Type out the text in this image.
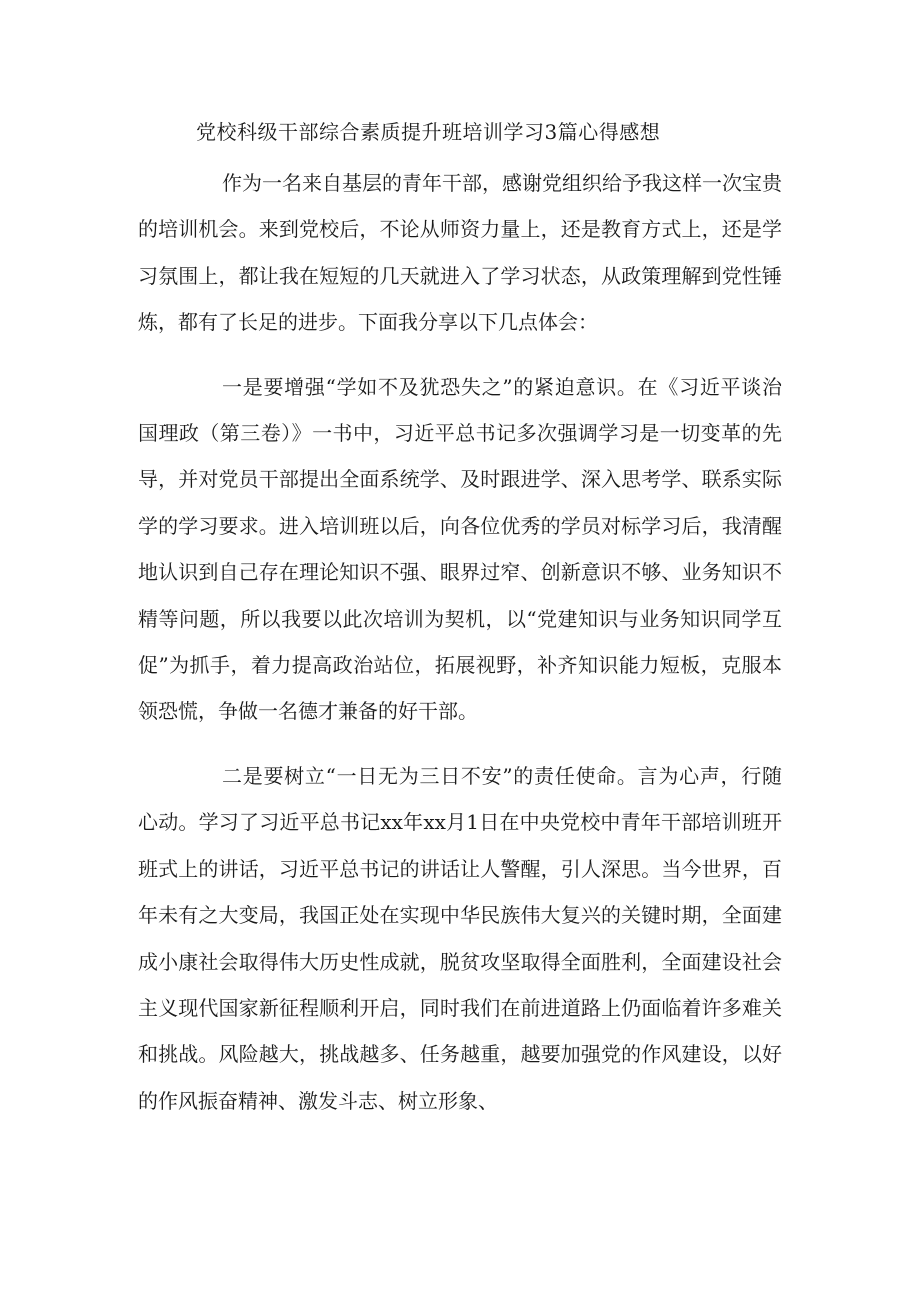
党校科级干部综合素质提升班培训学习3篇心得感想

作为一名来自基层的青年干部，感谢党组织给予我这样一次宝贵的培训机会。来到党校后，不论从师资力量上，还是教育方式上，还是学习氛围上，都让我在短短的几天就进入了学习状态，从政策理解到党性锤炼，都有了长足的进步。下面我分享以下几点体会：

一是要增强“学如不及犹恐失之”的紧迫意识。在《习近平谈治国理政（第三卷）》一书中，习近平总书记多次强调学习是一切变革的先导，并对党员干部提出全面系统学、及时跟进学、深入思考学、联系实际学的学习要求。进入培训班以后，向各位优秀的学员对标学习后，我清醒地认识到自己存在理论知识不强、眼界过窄、创新意识不够、业务知识不精等问题，所以我要以此次培训为契机，以“党建知识与业务知识同学互促”为抓手，着力提高政治站位，拓展视野，补齐知识能力短板，克服本领恐慌，争做一名德才兼备的好干部。

二是要树立“一日无为三日不安”的责任使命。言为心声，行随心动。学习了习近平总书记xx年xx月1日在中央党校中青年干部培训班开班式上的讲话，习近平总书记的讲话让人警醒，引人深思。当今世界，百年未有之大变局，我国正处在实现中华民族伟大复兴的关键时期，全面建成小康社会取得伟大历史性成就，脱贫攻坚取得全面胜利，全面建设社会主义现代国家新征程顺利开启，同时我们在前进道路上仍面临着许多难关和挑战。风险越大，挑战越多、任务越重，越要加强党的作风建设，以好的作风振奋精神、激发斗志、树立形象、
